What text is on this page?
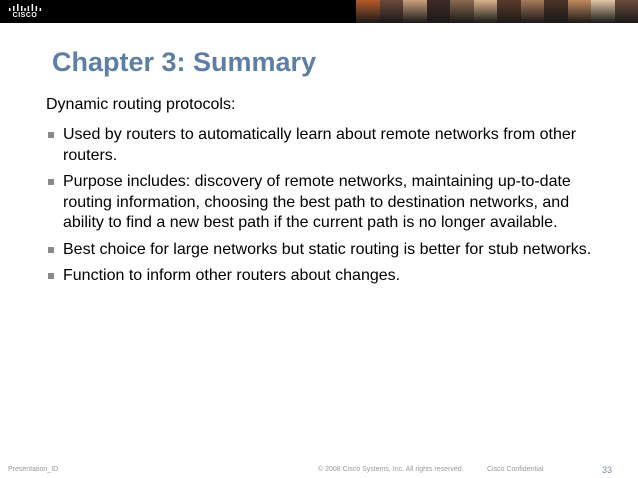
CISCO
Chapter 3: Summary

Dynamic routing protocols:

Used by routers to automatically learn about remote networks from other routers.
Purpose includes: discovery of remote networks, maintaining up-to-date routing information, choosing the best path to destination networks, and ability to find a new best path if the current path is no longer available.
Best choice for large networks but static routing is better for stub networks.
Function to inform other routers about changes.
Presentation_ID	© 2008 Cisco Systems, Inc. All rights reserved.	Cisco Confidential	33
